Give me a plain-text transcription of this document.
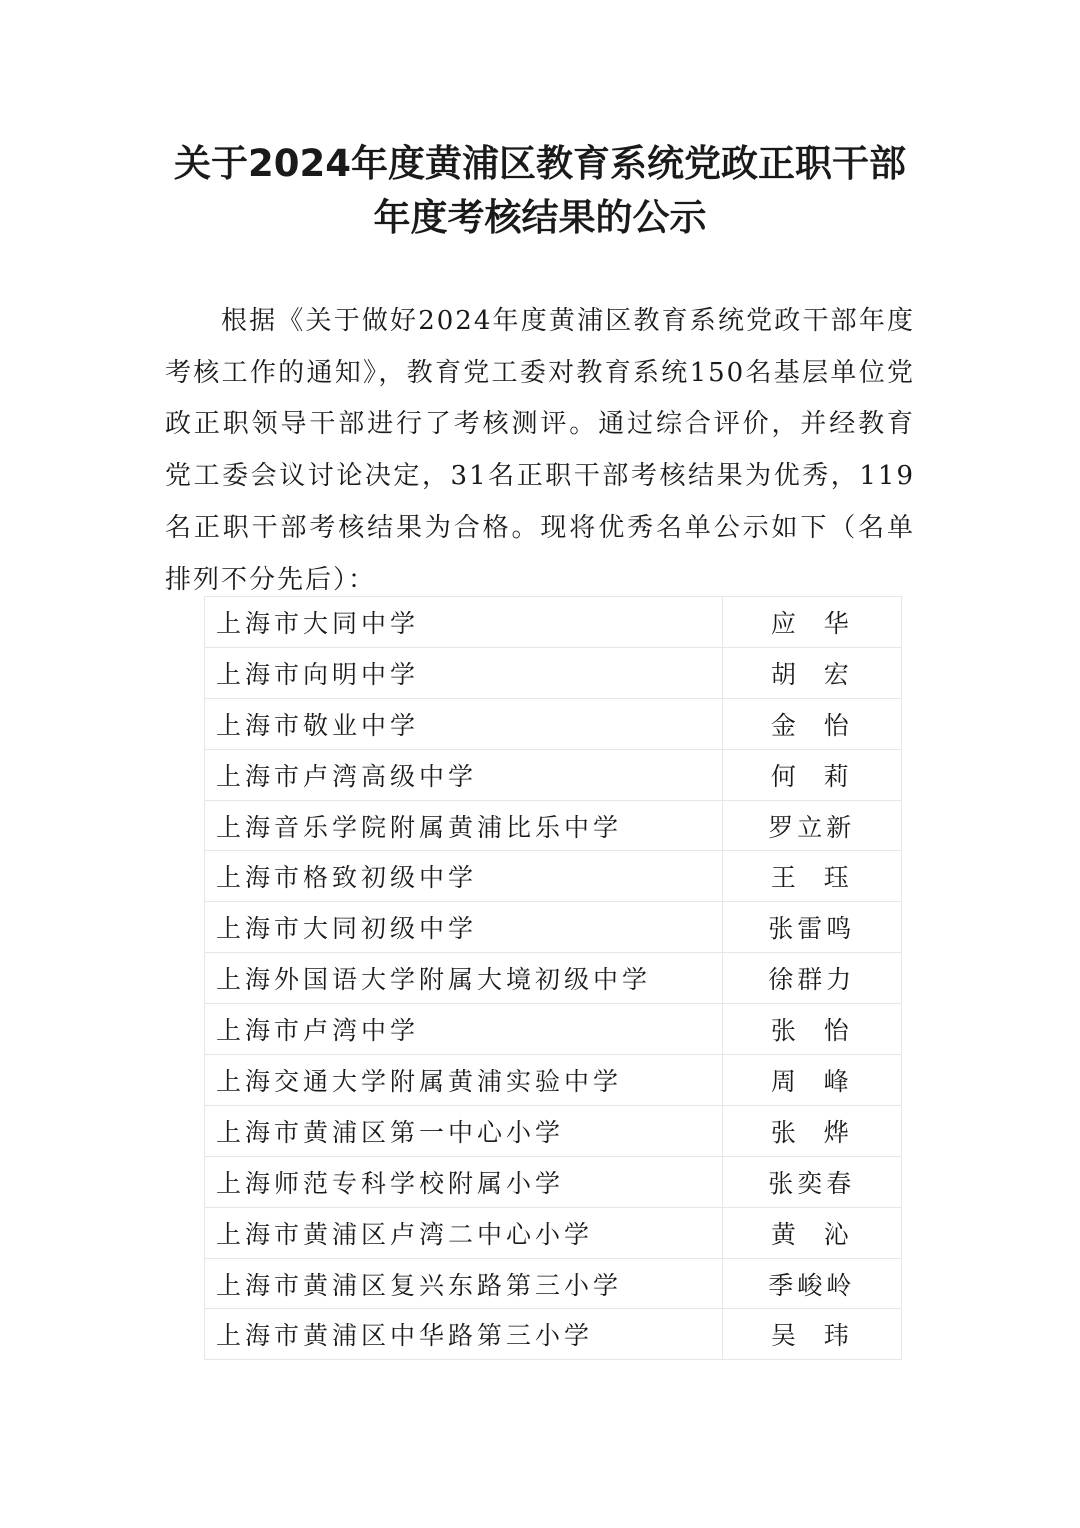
关于2024年度黄浦区教育系统党政正职干部
年度考核结果的公示

根据《关于做好2024年度黄浦区教育系统党政干部年度考核工作的通知》，教育党工委对教育系统150名基层单位党政正职领导干部进行了考核测评。通过综合评价，并经教育党工委会议讨论决定，31名正职干部考核结果为优秀，119名正职干部考核结果为合格。现将优秀名单公示如下（名单排列不分先后）：

上海市大同中学	应  华
上海市向明中学	胡  宏
上海市敬业中学	金  怡
上海市卢湾高级中学	何  莉
上海音乐学院附属黄浦比乐中学	罗立新
上海市格致初级中学	王  珏
上海市大同初级中学	张雷鸣
上海外国语大学附属大境初级中学	徐群力
上海市卢湾中学	张  怡
上海交通大学附属黄浦实验中学	周  峰
上海市黄浦区第一中心小学	张  烨
上海师范专科学校附属小学	张奕春
上海市黄浦区卢湾二中心小学	黄  沁
上海市黄浦区复兴东路第三小学	季峻岭
上海市黄浦区中华路第三小学	吴  玮
